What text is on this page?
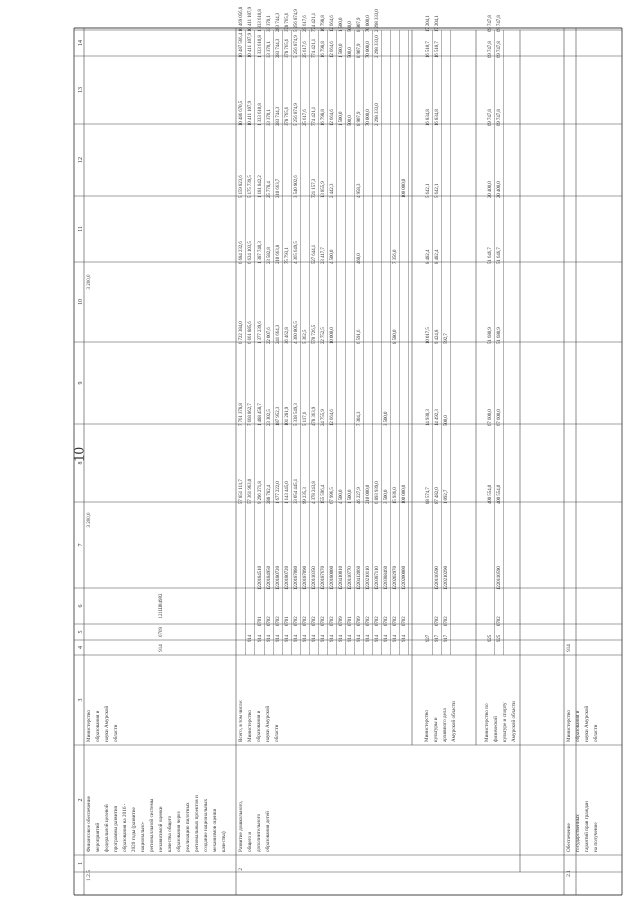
10
1
2
3
4
5
6
7
8
9
10
11
12
13
14
1.2.5
Финансовое обеспечение мероприятий федеральной целевой программы развития образования на 2016 - 2020 годы (развитие национально- регионалльной системы независимой оценки качества общего образования через реализацию пилотных региональных проектов и создание национальных механизмов оценки качества)
Министерство образования и науки Амурской области
914
0709
121Ш84982
3 200,0
3 200,0
2
Развитие дошкольного, общего и дополнительного образования детей
Всего, в том числе: Министерство образования и науки Амурской области	Министерство культуры и архивного дела Амурской области	Министерство по физической культуре и спорту Амурской области
57 851 111,7
7 761 378,8
6 722 384,0
6 684 232,6
5 159 823,6
10 486 670,5
10 487 566,4
10 469 056,8
914
57 361 963,0
7 668 862,7
6 661 885,6
6 624 103,5
5 175 739,5
10 411 107,9
10 411 107,9
10 411 107,9
914
0701
1220184510
9 296 271,8
1 488 458,7
1 377 239,6
1 387 740,3
1 181 842,2
1 333 610,8
1 333 610,8
1 333 610,8
914
0702
1220184950
288 782,4
23 302,5
22 007,6
23 582,8
25 778,4
33 370,1
33 370,1
33 370,1
914
0702
1220180720
1 677 222,0
187 952,3
241 664,3
210 663,8
210 663,7
283 744,3
283 744,3
283 744,3
914
0701
1220180720
1 143 445,0
101 281,9
36 462,8
75 793,1
378 765,6
378 765,6
378 765,6
914
0702
1220187080
33 054 445,1
5 338 549,3
4 360 805,5
4 365 649,5
3 540 802,6
5 256 874,9
5 256 874,9
5 256 874,9
914
0702
1220187090
99 235,3
5 117,6
5 362,5
25 617,6
25 617,6
25 617,6
914
0702
1220110350
4 378 243,8
478 363,9
570 726,5
527 644,1
721 157,3
774 421,1
774 421,1
774 421,1
914
0702
1220187670
155 596,4
24 755,9
22 752,5
23 417,7
13 855,9
16 798,8
16 798,8
16 798,8
914
0702
1220180000
67 996,5
12 664,6
10 000,0
4 500,0
2 442,3
12 664,6
12 664,6
12 664,6
914
0709
1220410010
4 500,0
1 500,0
1 500,0
1 500,0
914
0701
1220110770
1 500,0
500,0
500,0
500,0
914
0709
1220412060
46 227,9
7 304,3
6 591,6
460,0
4 958,3
8 907,9
8 907,9
8 907,9
914
0702
1220210110
210 000,0
70 000,0
70 000,0
70 000,0
914
0702
1220387110
6 893 939,0
2 298 333,0
2 298 333,0
2 298 333,0
914
0702
1220388460
3 500,0
3 500,0
914
0702
1220202970
15 936,0
8 580,0
7 356,0
914
0702
1220200000
100 000,0
100 000,0
927
88 574,7
14 930,3
10 017,5
8 482,4
5 642,1
16 834,8
16 510,7
17 204,1
917
0702
1220110590
87 482,0
14 492,3
9 424,8
8 482,4
5 642,1
16 834,8
16 510,7
17 204,1
917
0702
1220210290
1 092,7
500,0
592,7
925
400 554,0
67 600,0
51 680,9
51 646,7
20 400,0
69 747,8
69 747,8
69 747,8
925
0702
1220110590
400 554,0
67 600,0
51 680,9
51 646,7
20 400,0
69 747,8
69 747,8
69 747,8
2.1
Обеспечение государственных гарантий прав граждан на получение
Министерство образования и науки Амурской области
914
